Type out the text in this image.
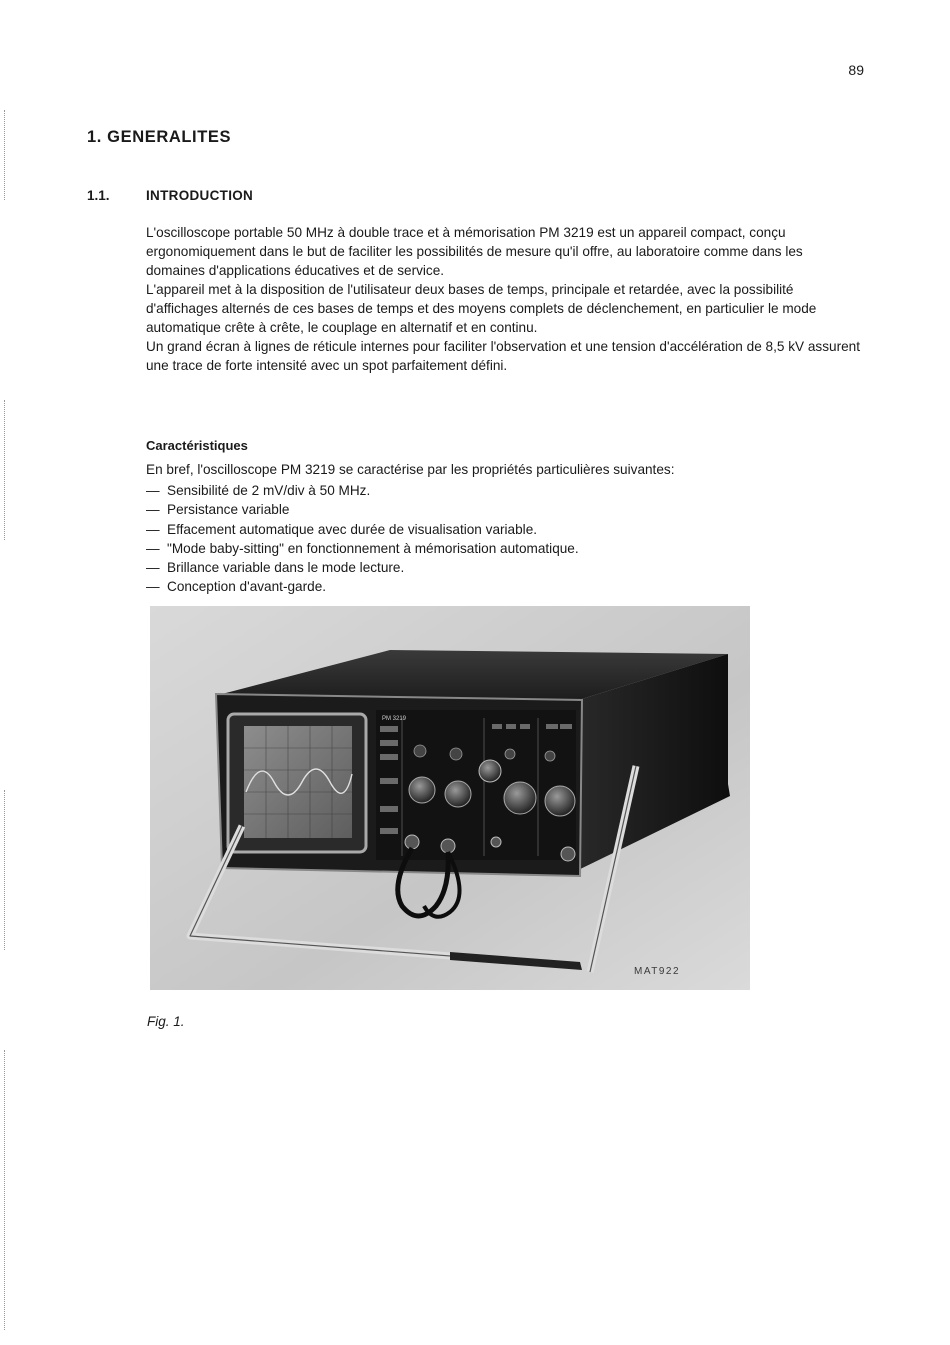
89
1. GENERALITES
1.1.	INTRODUCTION

L'oscilloscope portable 50 MHz à double trace et à mémorisation PM 3219 est un appareil compact, conçu ergonomiquement dans le but de faciliter les possibilités de mesure qu'il offre, au laboratoire comme dans les domaines d'applications éducatives et de service.

L'appareil met à la disposition de l'utilisateur deux bases de temps, principale et retardée, avec la possibilité d'affichages alternés de ces bases de temps et des moyens complets de déclenchement, en particulier le mode automatique crête à crête, le couplage en alternatif et en continu.

Un grand écran à lignes de réticule internes pour faciliter l'observation et une tension d'accélération de 8,5 kV assurent une trace de forte intensité avec un spot parfaitement défini.

Caractéristiques
En bref, l'oscilloscope PM 3219 se caractérise par les propriétés particulières suivantes:
— Sensibilité de 2 mV/div à 50 MHz.
— Persistance variable
— Effacement automatique avec durée de visualisation variable.
— "Mode baby-sitting" en fonctionnement à mémorisation automatique.
— Brillance variable dans le mode lecture.
— Conception d'avant-garde.
PM 3219
MAT922
Fig. 1.
